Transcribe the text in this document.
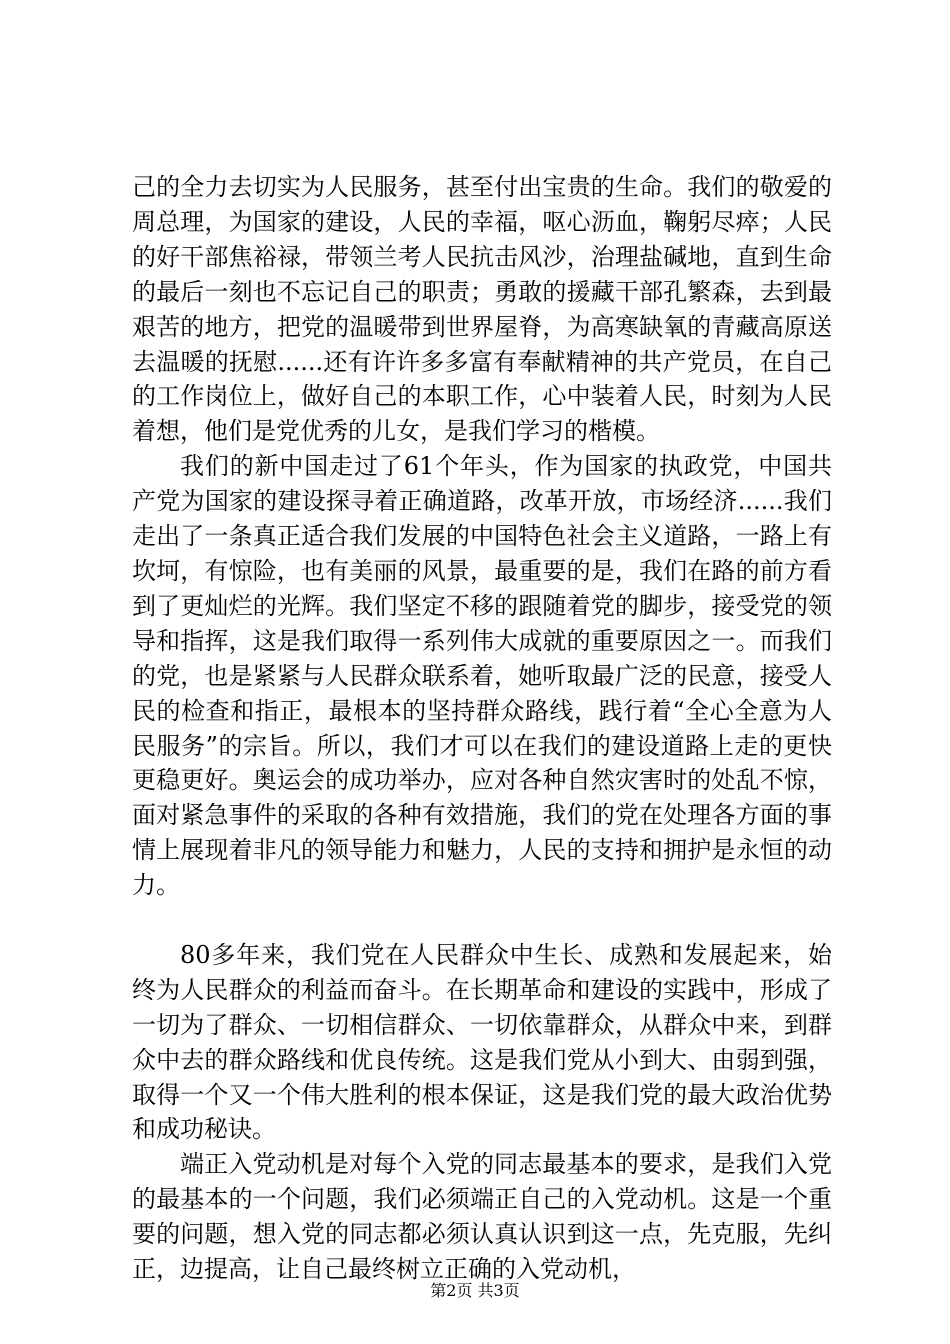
己的全力去切实为人民服务，甚至付出宝贵的生命。我们的敬爱的周总理，为国家的建设，人民的幸福，呕心沥血，鞠躬尽瘁；人民的好干部焦裕禄，带领兰考人民抗击风沙，治理盐碱地，直到生命的最后一刻也不忘记自己的职责；勇敢的援藏干部孔繁森，去到最艰苦的地方，把党的温暖带到世界屋脊，为高寒缺氧的青藏高原送去温暖的抚慰......还有许许多多富有奉献精神的共产党员，在自己的工作岗位上，做好自己的本职工作，心中装着人民，时刻为人民着想，他们是党优秀的儿女，是我们学习的楷模。

我们的新中国走过了61个年头，作为国家的执政党，中国共产党为国家的建设探寻着正确道路，改革开放，市场经济......我们走出了一条真正适合我们发展的中国特色社会主义道路，一路上有坎坷，有惊险，也有美丽的风景，最重要的是，我们在路的前方看到了更灿烂的光辉。我们坚定不移的跟随着党的脚步，接受党的领导和指挥，这是我们取得一系列伟大成就的重要原因之一。而我们的党，也是紧紧与人民群众联系着，她听取最广泛的民意，接受人民的检查和指正，最根本的坚持群众路线，践行着“全心全意为人民服务”的宗旨。所以，我们才可以在我们的建设道路上走的更快更稳更好。奥运会的成功举办，应对各种自然灾害时的处乱不惊，面对紧急事件的采取的各种有效措施，我们的党在处理各方面的事情上展现着非凡的领导能力和魅力，人民的支持和拥护是永恒的动力。

80多年来，我们党在人民群众中生长、成熟和发展起来，始终为人民群众的利益而奋斗。在长期革命和建设的实践中，形成了一切为了群众、一切相信群众、一切依靠群众，从群众中来，到群众中去的群众路线和优良传统。这是我们党从小到大、由弱到强，取得一个又一个伟大胜利的根本保证，这是我们党的最大政治优势和成功秘诀。

端正入党动机是对每个入党的同志最基本的要求，是我们入党的最基本的一个问题，我们必须端正自己的入党动机。这是一个重要的问题，想入党的同志都必须认真认识到这一点，先克服，先纠正，边提高，让自己最终树立正确的入党动机，

第2页 共3页
